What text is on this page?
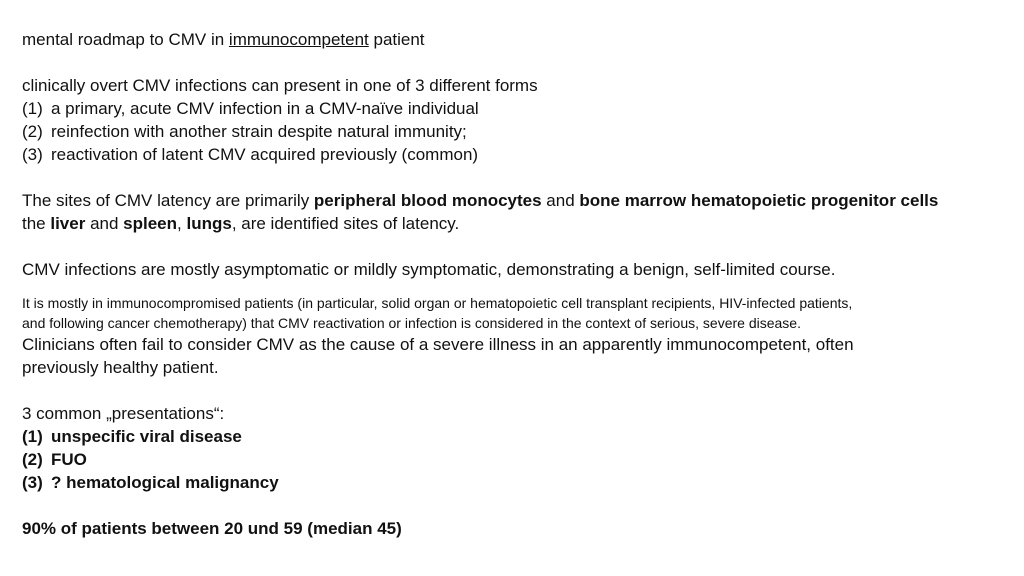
mental roadmap to CMV in immunocompetent patient
clinically overt CMV infections can present in one of 3 different forms
(1) a primary, acute CMV infection in a CMV-naïve individual
(2) reinfection with another strain despite natural immunity;
(3) reactivation of latent CMV acquired previously (common)
The sites of CMV latency are primarily peripheral blood monocytes and bone marrow hematopoietic progenitor cells
the liver and spleen, lungs, are identified sites of latency.
CMV infections are mostly asymptomatic or mildly symptomatic, demonstrating a benign, self-limited course.
It is mostly in immunocompromised patients (in particular, solid organ or hematopoietic cell transplant recipients, HIV-infected patients,
and following cancer chemotherapy) that CMV reactivation or infection is considered in the context of serious, severe disease.
Clinicians often fail to consider CMV as the cause of a severe illness in an apparently immunocompetent, often
previously healthy patient.
3 common „presentations“:
(1) unspecific viral disease
(2) FUO
(3) ? hematological malignancy
90% of patients between 20 und 59 (median 45)
